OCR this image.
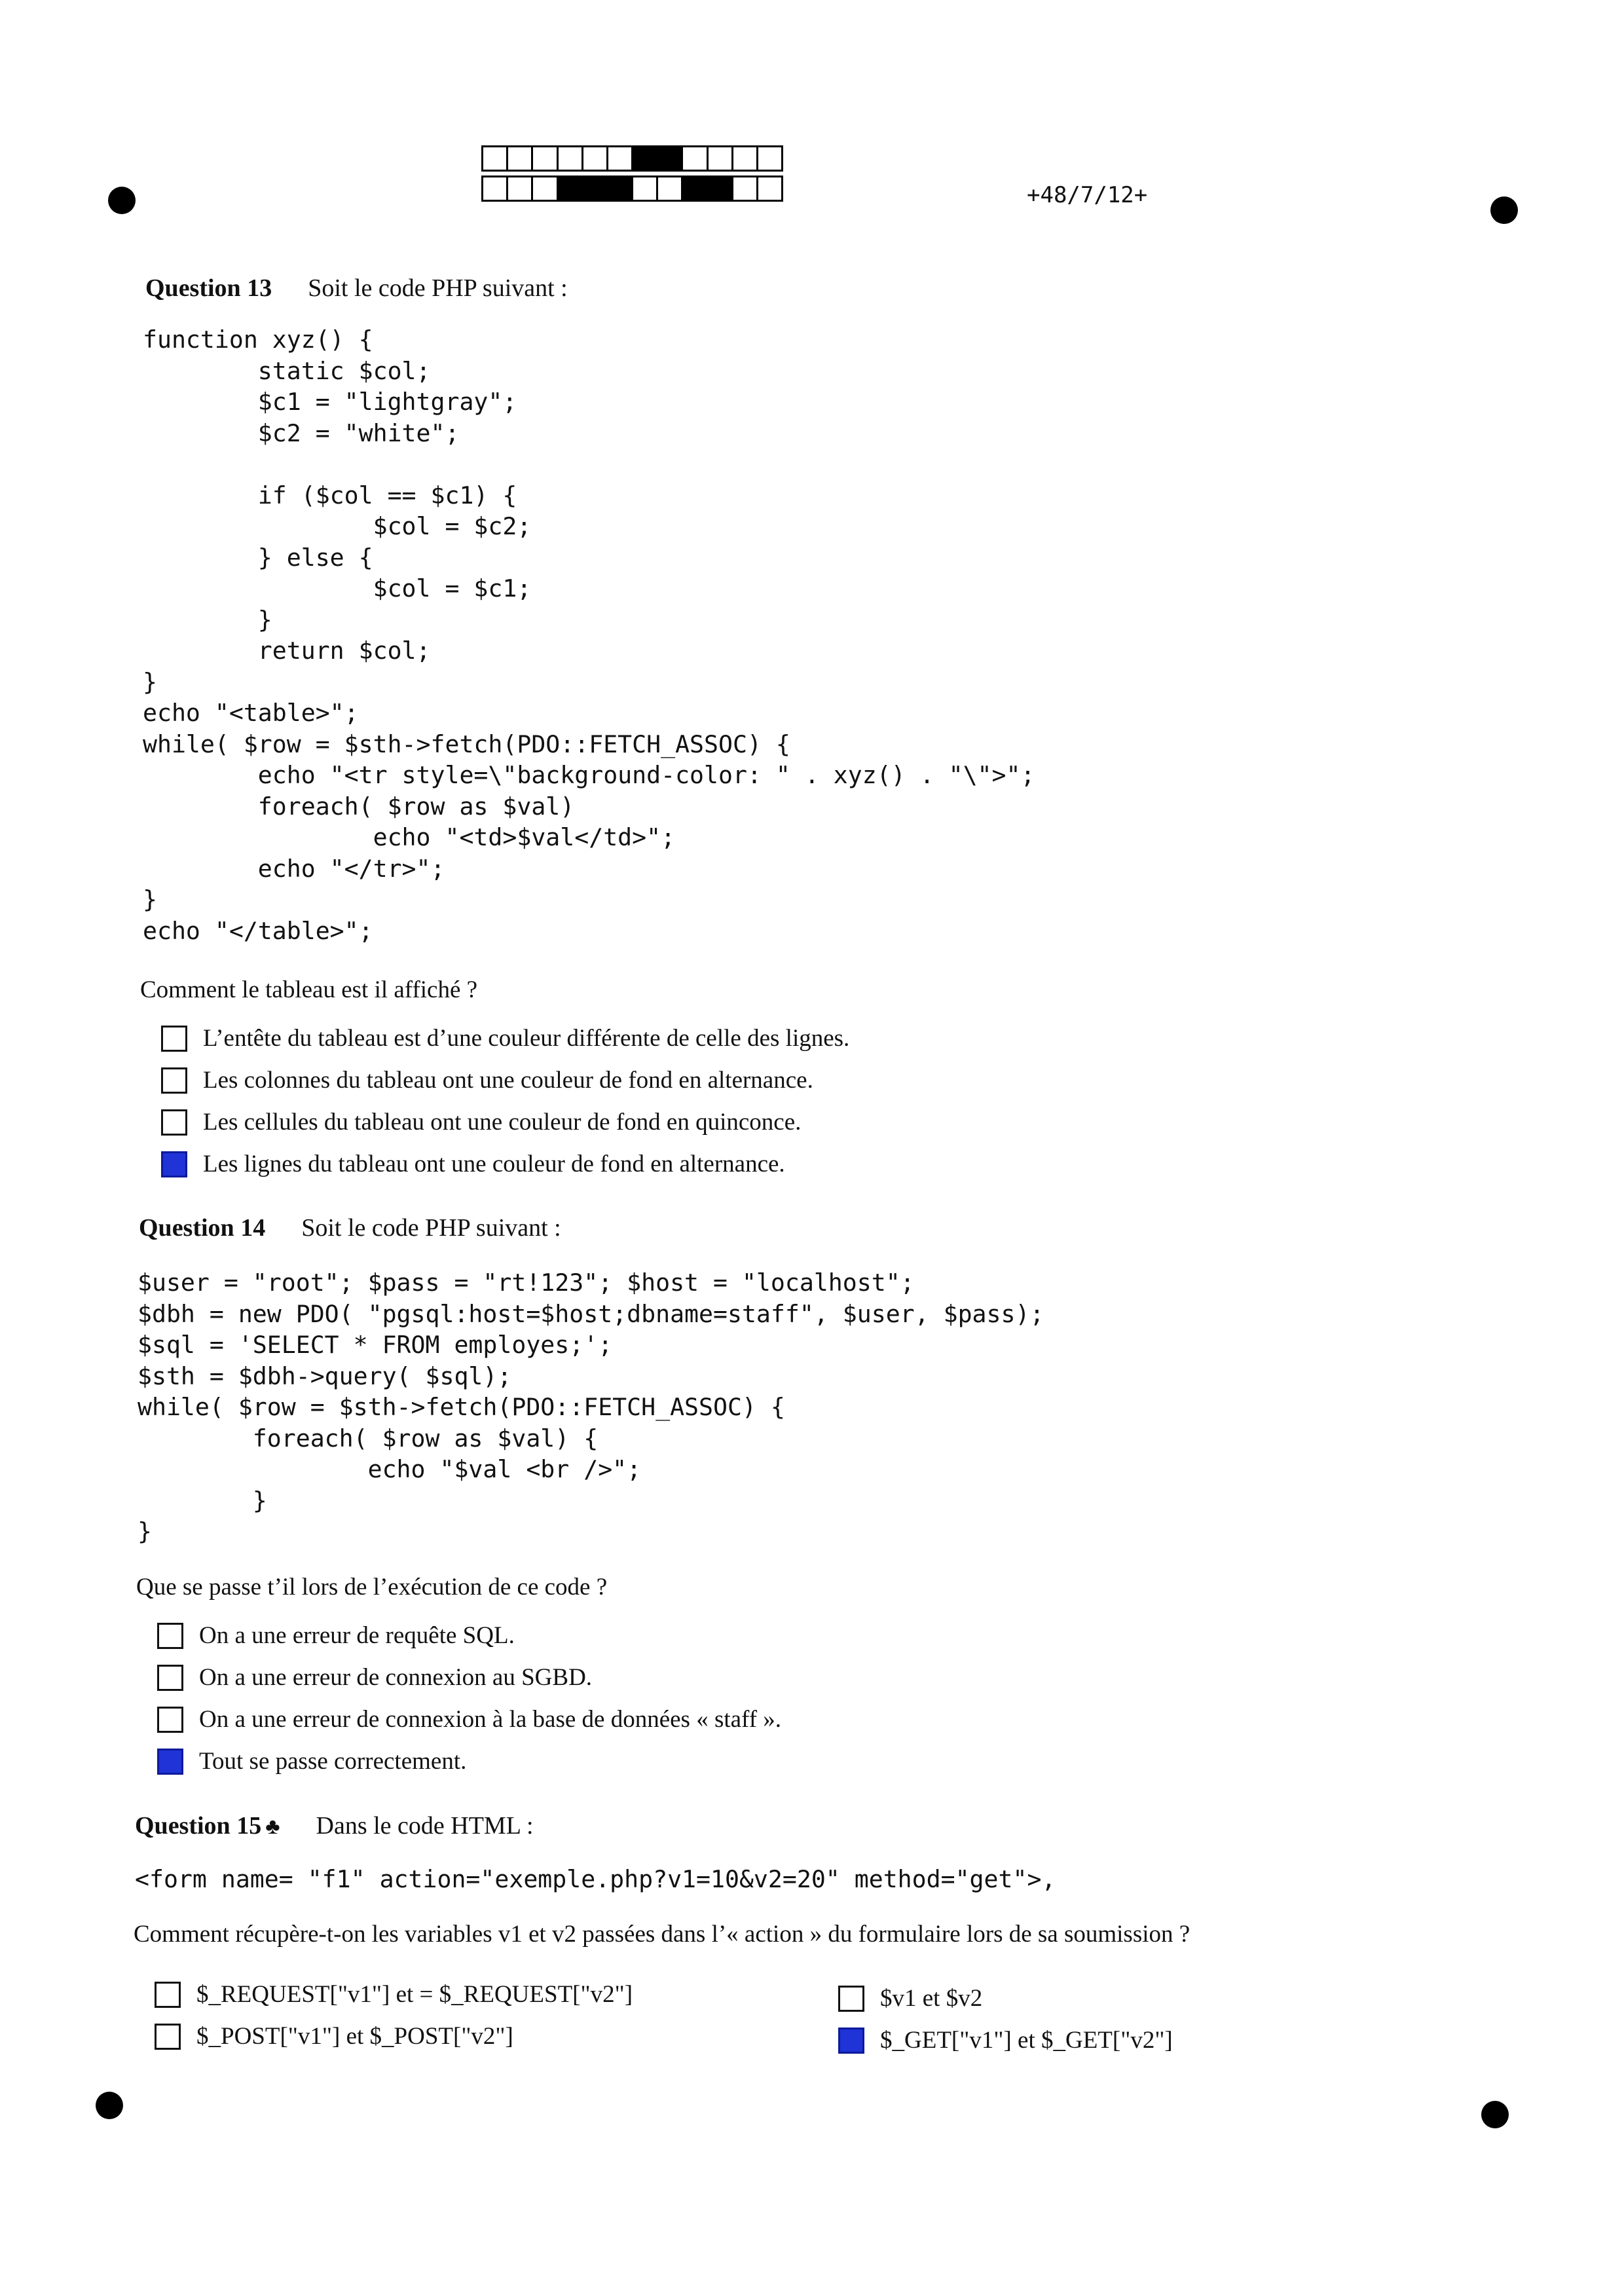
+48/7/12+
Question 13 Soit le code PHP suivant :
function xyz() {
static $col;
$c1 = "lightgray";
$c2 = "white";

if ($col == $c1) {
$col = $c2;
} else {
$col = $c1;
}
return $col;
}
echo "<table>";
while( $row = $sth->fetch(PDO::FETCH_ASSOC) {
echo "<tr style=\"background-color: " . xyz() . "\">";
foreach( $row as $val)
echo "<td>$val</td>";
echo "</tr>";
}
echo "</table>";
Comment le tableau est il affiché ?
L’entête du tableau est d’une couleur différente de celle des lignes.
Les colonnes du tableau ont une couleur de fond en alternance.
Les cellules du tableau ont une couleur de fond en quinconce.
Les lignes du tableau ont une couleur de fond en alternance.
Question 14 Soit le code PHP suivant :
$user = "root"; $pass = "rt!123"; $host = "localhost";
$dbh = new PDO( "pgsql:host=$host;dbname=staff", $user, $pass);
$sql = 'SELECT * FROM employes;';
$sth = $dbh->query( $sql);
while( $row = $sth->fetch(PDO::FETCH_ASSOC) {
foreach( $row as $val) {
echo "$val <br />";
}
}
Que se passe t’il lors de l’exécution de ce code ?
On a une erreur de requête SQL.
On a une erreur de connexion au SGBD.
On a une erreur de connexion à la base de données « staff ».
Tout se passe correctement.
Question 15 ♣ Dans le code HTML :
<form name= "f1" action="exemple.php?v1=10&v2=20" method="get">,
Comment récupère-t-on les variables v1 et v2 passées dans l’« action » du formulaire lors de sa soumission ?
$_REQUEST["v1"] et = $_REQUEST["v2"]
$_POST["v1"] et $_POST["v2"]
$v1 et $v2
$_GET["v1"] et $_GET["v2"]
